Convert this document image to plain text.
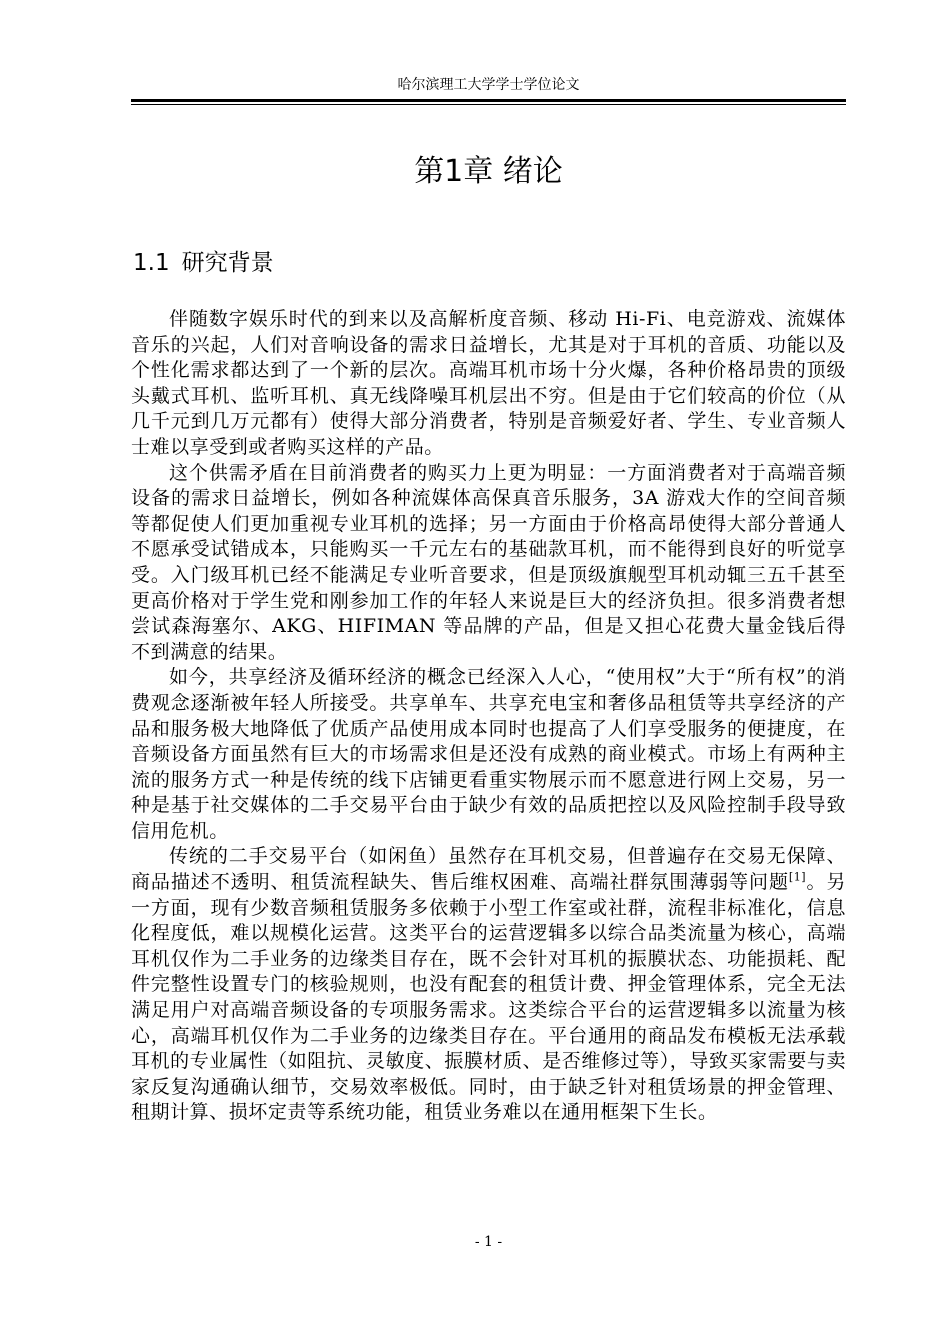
哈尔滨理工大学学士学位论文
第1章 绪论
1.1 研究背景

伴随数字娱乐时代的到来以及高解析度音频、移动 Hi-Fi、电竞游戏、流媒体音乐的兴起，人们对音响设备的需求日益增长，尤其是对于耳机的音质、功能以及个性化需求都达到了一个新的层次。高端耳机市场十分火爆，各种价格昂贵的顶级头戴式耳机、监听耳机、真无线降噪耳机层出不穷。但是由于它们较高的价位（从几千元到几万元都有）使得大部分消费者，特别是音频爱好者、学生、专业音频人士难以享受到或者购买这样的产品。

这个供需矛盾在目前消费者的购买力上更为明显：一方面消费者对于高端音频设备的需求日益增长，例如各种流媒体高保真音乐服务，3A 游戏大作的空间音频等都促使人们更加重视专业耳机的选择；另一方面由于价格高昂使得大部分普通人不愿承受试错成本，只能购买一千元左右的基础款耳机，而不能得到良好的听觉享受。入门级耳机已经不能满足专业听音要求，但是顶级旗舰型耳机动辄三五千甚至更高价格对于学生党和刚参加工作的年轻人来说是巨大的经济负担。很多消费者想尝试森海塞尔、AKG、HIFIMAN 等品牌的产品，但是又担心花费大量金钱后得不到满意的结果。

如今，共享经济及循环经济的概念已经深入人心，“使用权”大于“所有权”的消费观念逐渐被年轻人所接受。共享单车、共享充电宝和奢侈品租赁等共享经济的产品和服务极大地降低了优质产品使用成本同时也提高了人们享受服务的便捷度，在音频设备方面虽然有巨大的市场需求但是还没有成熟的商业模式。市场上有两种主流的服务方式一种是传统的线下店铺更看重实物展示而不愿意进行网上交易，另一种是基于社交媒体的二手交易平台由于缺少有效的品质把控以及风险控制手段导致信用危机。

传统的二手交易平台（如闲鱼）虽然存在耳机交易，但普遍存在交易无保障、商品描述不透明、租赁流程缺失、售后维权困难、高端社群氛围薄弱等问题[1]。另一方面，现有少数音频租赁服务多依赖于小型工作室或社群，流程非标准化，信息化程度低，难以规模化运营。这类平台的运营逻辑多以综合品类流量为核心，高端耳机仅作为二手业务的边缘类目存在，既不会针对耳机的振膜状态、功能损耗、配件完整性设置专门的核验规则，也没有配套的租赁计费、押金管理体系，完全无法满足用户对高端音频设备的专项服务需求。这类综合平台的运营逻辑多以流量为核心，高端耳机仅作为二手业务的边缘类目存在。平台通用的商品发布模板无法承载耳机的专业属性（如阻抗、灵敏度、振膜材质、是否维修过等），导致买家需要与卖家反复沟通确认细节，交易效率极低。同时，由于缺乏针对租赁场景的押金管理、租期计算、损坏定责等系统功能，租赁业务难以在通用框架下生长。

- 1 -
